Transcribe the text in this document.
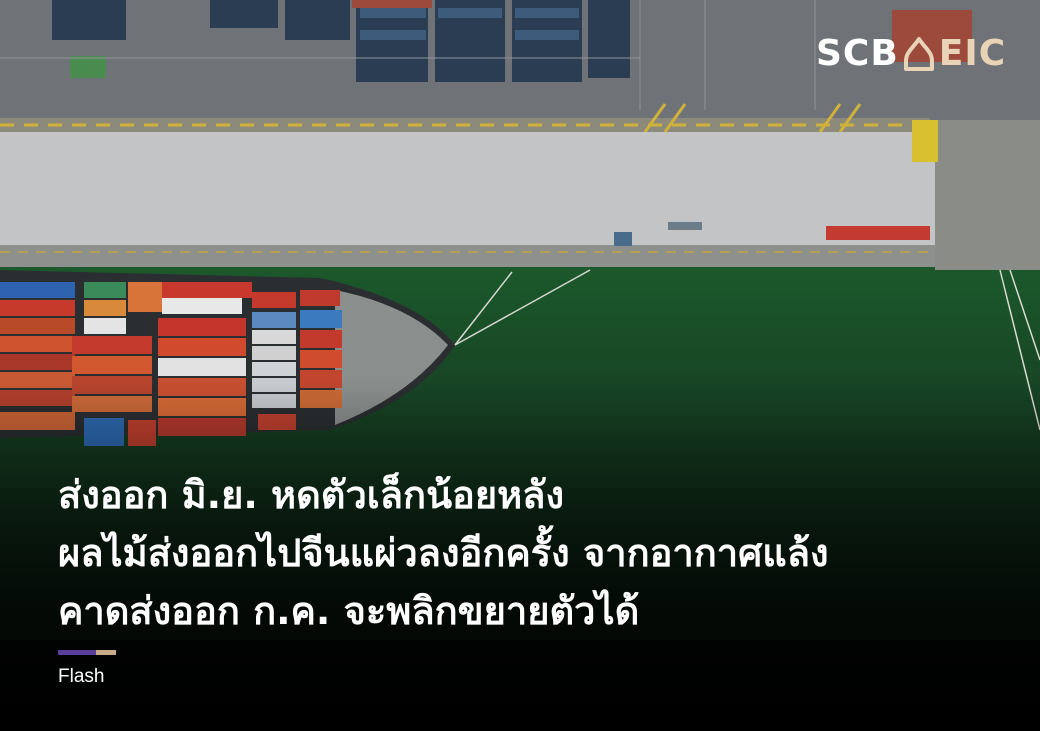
SCB EIC
ส่งออก มิ.ย. หดตัวเล็กน้อยหลัง
ผลไม้ส่งออกไปจีนแผ่วลงอีกครั้ง จากอากาศแล้ง
คาดส่งออก ก.ค. จะพลิกขยายตัวได้
Flash
